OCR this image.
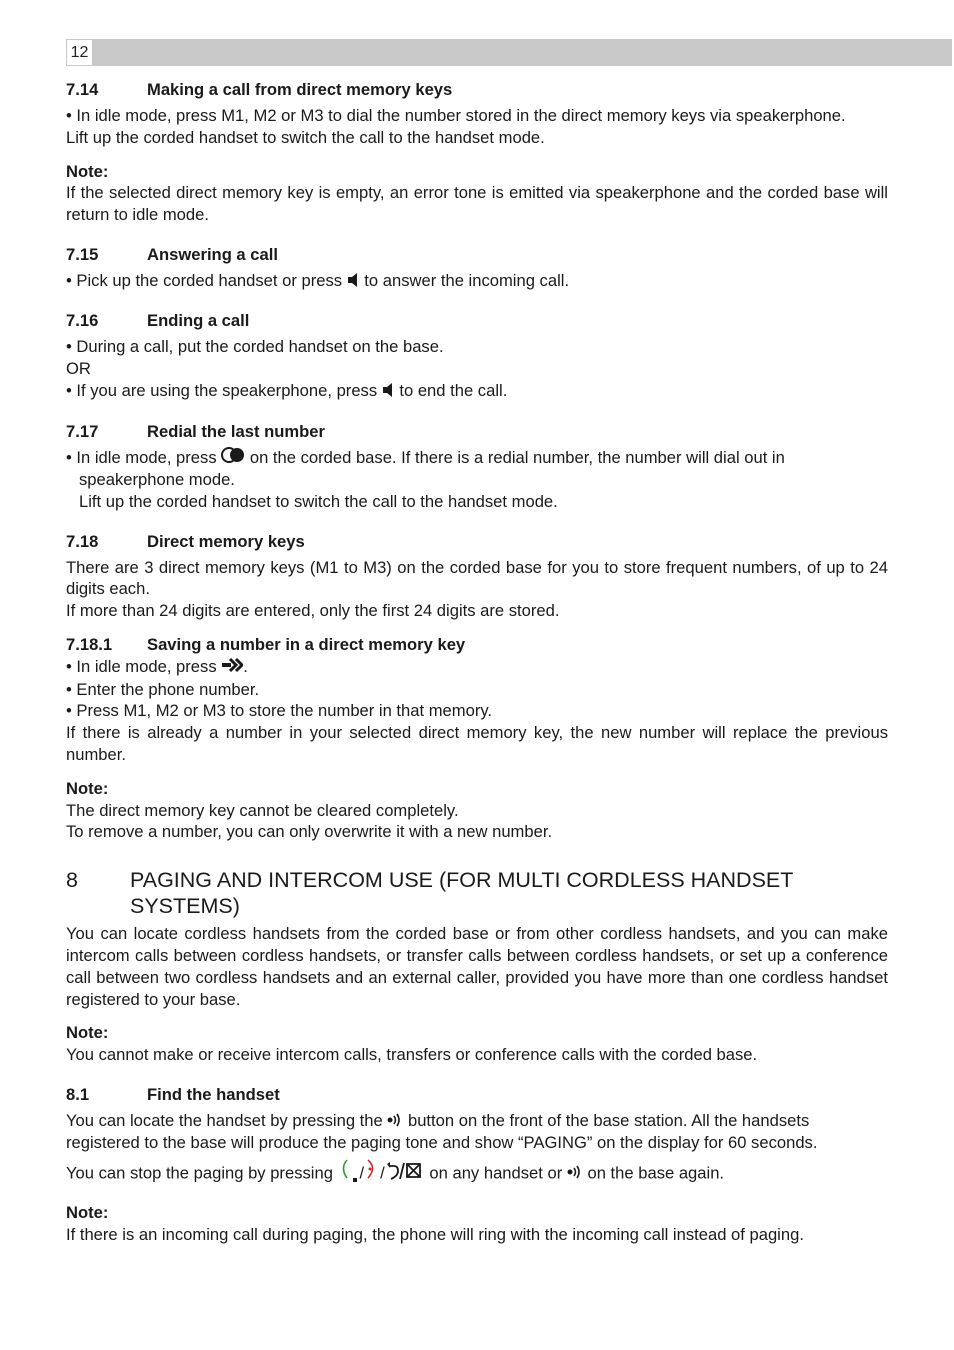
12
7.14	Making a call from direct memory keys

• In idle mode, press M1, M2 or M3 to dial the number stored in the direct memory keys via speakerphone.

Lift up the corded handset to switch the call to the handset mode.

Note:

If the selected direct memory key is empty, an error tone is emitted via speakerphone and the corded base will return to idle mode.

7.15	Answering a call

• Pick up the corded handset or press  to answer the incoming call.

7.16	Ending a call

• During a call, put the corded handset on the base.

OR

• If you are using the speakerphone, press  to end the call.

7.17	Redial the last number

• In idle mode, press  on the corded base. If there is a redial number, the number will dial out in

speakerphone mode.

Lift up the corded handset to switch the call to the handset mode.

7.18	Direct memory keys

There are 3 direct memory keys (M1 to M3) on the corded base for you to store frequent numbers, of up to 24 digits each.

If more than 24 digits are entered, only the first 24 digits are stored.

7.18.1	Saving a number in a direct memory key

• In idle mode, press .

• Enter the phone number.

• Press M1, M2 or M3 to store the number in that memory.

If there is already a number in your selected direct memory key, the new number will replace the previous number.

Note:

The direct memory key cannot be cleared completely.

To remove a number, you can only overwrite it with a new number.

8	PAGING AND INTERCOM USE (FOR MULTI CORDLESS HANDSET SYSTEMS)

You can locate cordless handsets from the corded base or from other cordless handsets, and you can make intercom calls between cordless handsets, or transfer calls between cordless handsets, or set up a conference call between two cordless handsets and an external caller, provided you have more than one cordless handset registered to your base.

Note:

You cannot make or receive intercom calls, transfers or conference calls with the corded base.

8.1	Find the handset

You can locate the handset by pressing the  button on the front of the base station. All the handsets

registered to the base will produce the paging tone and show “PAGING” on the display for 60 seconds.

You can stop the paging by pressing / / on any handset or  on the base again.

Note:

If there is an incoming call during paging, the phone will ring with the incoming call instead of paging.
